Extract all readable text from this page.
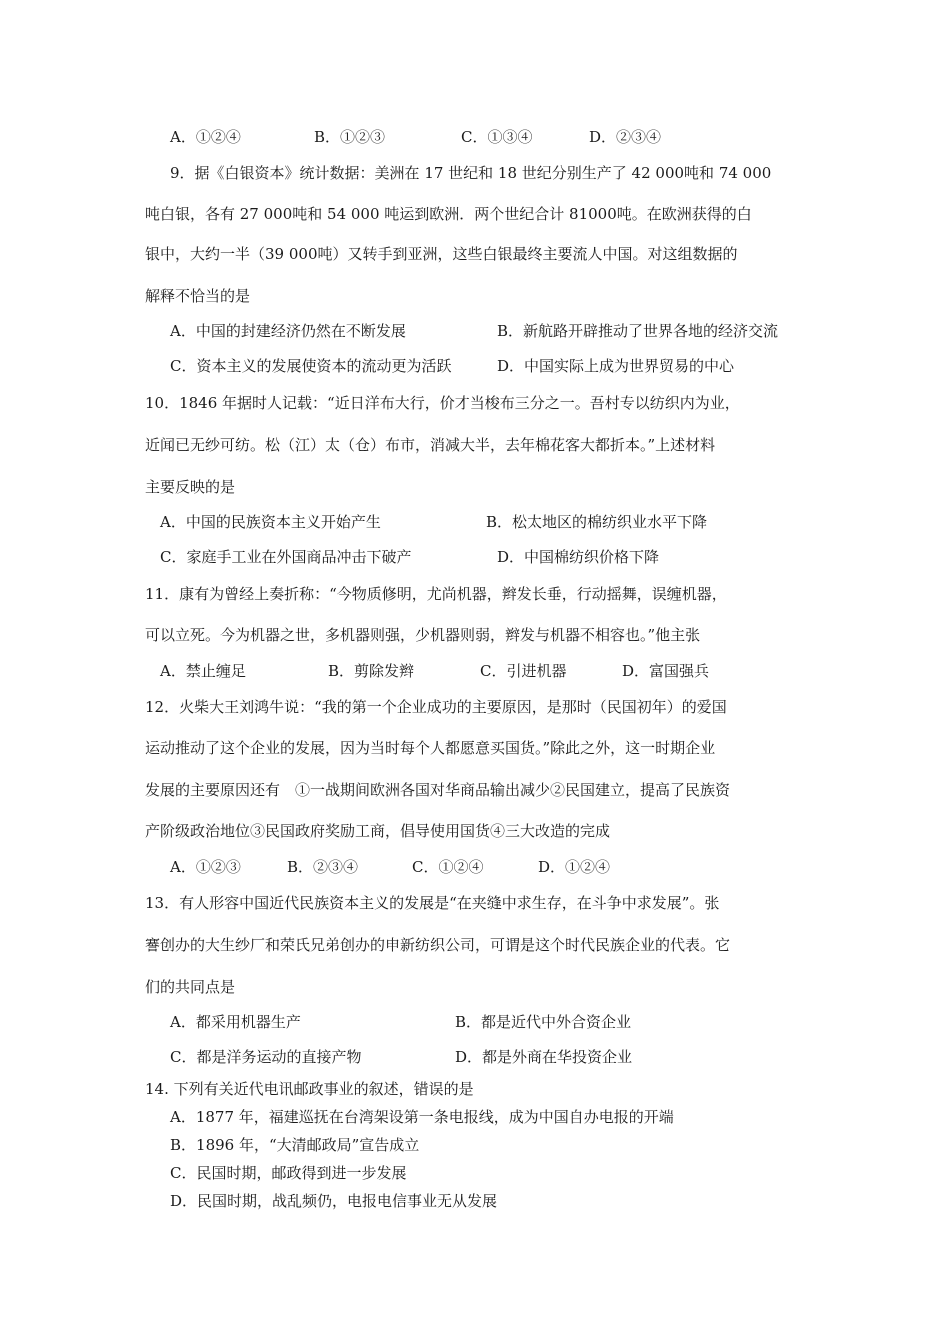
A．①②④	B．①②③	C．①③④	D．②③④
9．据《白银资本》统计数据：美洲在 17 世纪和 18 世纪分别生产了 42 000吨和 74 000
吨白银，各有 27 000吨和 54 000 吨运到欧洲．两个世纪合计 81000吨。在欧洲获得的白
银中，大约一半（39 000吨）又转手到亚洲，这些白银最终主要流人中国。对这组数据的
解释不恰当的是
A．中国的封建经济仍然在不断发展	B．新航路开辟推动了世界各地的经济交流
C．资本主义的发展使资本的流动更为活跃	D．中国实际上成为世界贸易的中心
10．1846 年据时人记载：“近日洋布大行，价才当梭布三分之一。吾村专以纺织内为业，
近闻已无纱可纺。松（江）太（仓）布市，消减大半，去年棉花客大都折本。”上述材料
主要反映的是
A．中国的民族资本主义开始产生	B．松太地区的棉纺织业水平下降
C．家庭手工业在外国商品冲击下破产	D．中国棉纺织价格下降
11．康有为曾经上奏折称：“今物质修明，尤尚机器，辫发长垂，行动摇舞，误缠机器，
可以立死。今为机器之世，多机器则强，少机器则弱，辫发与机器不相容也。”他主张
A．禁止缠足	B．剪除发辫	C．引进机器	D．富国强兵
12．火柴大王刘鸿牛说：“我的第一个企业成功的主要原因，是那时（民国初年）的爱国
运动推动了这个企业的发展，因为当时每个人都愿意买国货。”除此之外，这一时期企业
发展的主要原因还有　①一战期间欧洲各国对华商品输出减少②民国建立，提高了民族资
产阶级政治地位③民国政府奖励工商，倡导使用国货④三大改造的完成
A．①②③	B．②③④	C．①②④	D．①②④
13．有人形容中国近代民族资本主义的发展是“在夹缝中求生存，在斗争中求发展”。张
謇创办的大生纱厂和荣氏兄弟创办的申新纺织公司，可谓是这个时代民族企业的代表。它
们的共同点是
A．都采用机器生产	B．都是近代中外合资企业
C．都是洋务运动的直接产物	D．都是外商在华投资企业
14. 下列有关近代电讯邮政事业的叙述，错误的是
A．1877 年，福建巡抚在台湾架设第一条电报线，成为中国自办电报的开端
B．1896 年，“大清邮政局”宣告成立
C．民国时期，邮政得到进一步发展
D．民国时期，战乱频仍，电报电信事业无从发展
